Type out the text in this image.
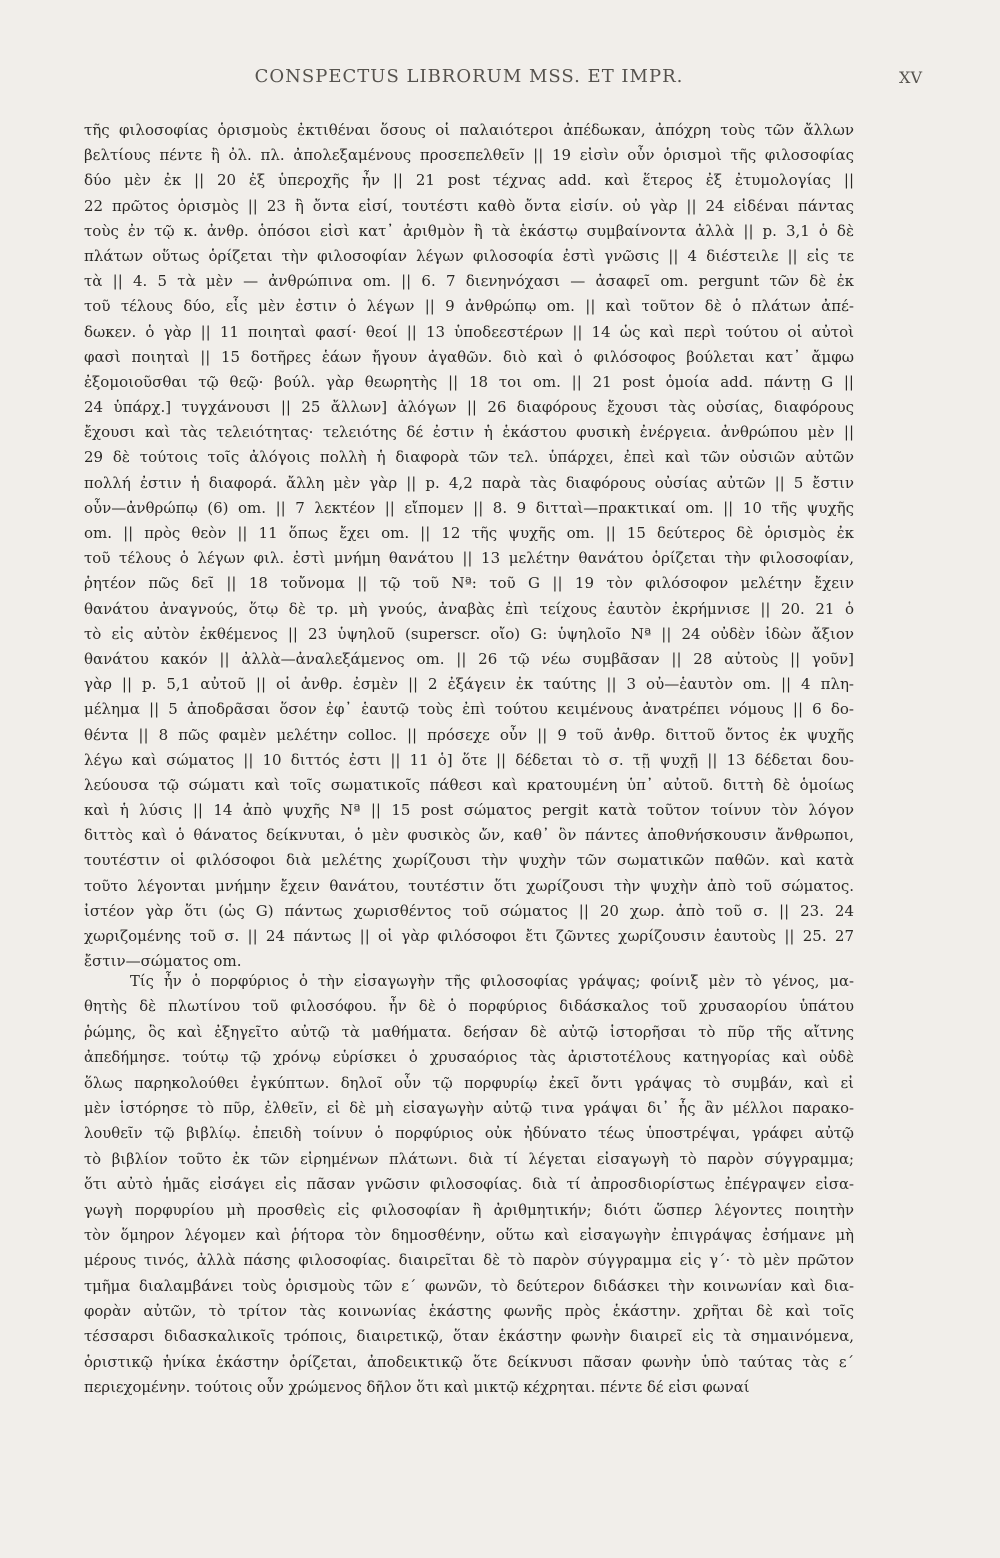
CONSPECTUS LIBRORUM MSS. ET IMPR.	XV
τῆς φιλοσοφίας ὁρισμοὺς ἐκτιθέναι ὅσους οἱ παλαιότεροι ἀπέδωκαν, ἀπόχρη τοὺς τῶν ἄλλων
βελτίους πέντε ἢ ὀλ. πλ. ἀπολεξαμένους προσεπελθεῖν || 19 εἰσὶν οὖν ὁρισμοὶ τῆς φιλοσοφίας
δύο μὲν ἐκ || 20 ἐξ ὑπεροχῆς ἦν || 21 post τέχνας add. καὶ ἕτερος ἐξ ἐτυμολογίας ||
22 πρῶτος ὁρισμὸς || 23 ἢ ὄντα εἰσί, τουτέστι καθὸ ὄντα εἰσίν. οὐ γὰρ || 24 εἰδέναι πάντας
τοὺς ἐν τῷ κ. ἀνθρ. ὁπόσοι εἰσὶ κατ᾽ ἀριθμὸν ἢ τὰ ἑκάστῳ συμβαίνοντα ἀλλὰ || p. 3,1 ὁ δὲ
πλάτων οὕτως ὁρίζεται τὴν φιλοσοφίαν λέγων φιλοσοφία ἐστὶ γνῶσις || 4 διέστειλε || εἰς τε
τὰ || 4. 5 τὰ μὲν — ἀνθρώπινα om. || 6. 7 διενηνόχασι — ἀσαφεῖ om. pergunt τῶν δὲ ἐκ
τοῦ τέλους δύο, εἷς μὲν ἐστιν ὁ λέγων || 9 ἀνθρώπῳ om. || καὶ τοῦτον δὲ ὁ πλάτων ἀπέ-
δωκεν. ὁ γὰρ || 11 ποιηταὶ φασί· θεοί || 13 ὑποδεεστέρων || 14 ὡς καὶ περὶ τούτου οἱ αὐτοὶ
φασὶ ποιηταὶ || 15 δοτῆρες ἑάων ἤγουν ἀγαθῶν. διὸ καὶ ὁ φιλόσοφος βούλεται κατ᾽ ἄμφω
ἐξομοιοῦσθαι τῷ θεῷ· βούλ. γὰρ θεωρητὴς || 18 τοι om. || 21 post ὁμοία add. πάντῃ G ||
24 ὑπάρχ.] τυγχάνουσι || 25 ἄλλων] ἀλόγων || 26 διαφόρους ἔχουσι τὰς οὐσίας, διαφόρους
ἔχουσι καὶ τὰς τελειότητας· τελειότης δέ ἐστιν ἡ ἑκάστου φυσικὴ ἐνέργεια. ἀνθρώπου μὲν ||
29 δὲ τούτοις τοῖς ἀλόγοις πολλὴ ἡ διαφορὰ τῶν τελ. ὑπάρχει, ἐπεὶ καὶ τῶν οὐσιῶν αὐτῶν
πολλή ἐστιν ἡ διαφορά. ἄλλη μὲν γὰρ || p. 4,2 παρὰ τὰς διαφόρους οὐσίας αὐτῶν || 5 ἔστιν
οὖν—ἀνθρώπῳ (6) om. || 7 λεκτέον || εἴπομεν || 8. 9 διτταὶ—πρακτικαί om. || 10 τῆς ψυχῆς
om. || πρὸς θεὸν || 11 ὅπως ἔχει om. || 12 τῆς ψυχῆς om. || 15 δεύτερος δὲ ὁρισμὸς ἐκ
τοῦ τέλους ὁ λέγων φιλ. ἐστὶ μνήμη θανάτου || 13 μελέτην θανάτου ὁρίζεται τὴν φιλοσοφίαν,
ῥητέον πῶς δεῖ || 18 τοὔνομα || τῷ τοῦ Nª: τοῦ G || 19 τὸν φιλόσοφον μελέτην ἔχειν
θανάτου ἀναγνούς, ὅτῳ δὲ τρ. μὴ γνούς, ἀναβὰς ἐπὶ τείχους ἑαυτὸν ἐκρήμνισε || 20. 21 ὁ
τὸ εἰς αὐτὸν ἐκθέμενος || 23 ὑψηλοῦ (superscr. οἴο) G: ὑψηλοῖο Nª || 24 οὐδὲν ἰδὼν ἄξιον
θανάτου κακόν || ἀλλὰ—ἀναλεξάμενος om. || 26 τῷ νέω συμβᾶσαν || 28 αὐτοὺς || γοῦν]
γὰρ || p. 5,1 αὐτοῦ || οἱ ἀνθρ. ἐσμὲν || 2 ἐξάγειν ἐκ ταύτης || 3 οὐ—ἑαυτὸν om. || 4 πλη-
μέλημα || 5 ἀποδρᾶσαι ὅσον ἐφ᾽ ἑαυτῷ τοὺς ἐπὶ τούτου κειμένους ἀνατρέπει νόμους || 6 δο-
θέντα || 8 πῶς φαμὲν μελέτην colloc. || πρόσεχε οὖν || 9 τοῦ ἀνθρ. διττοῦ ὄντος ἐκ ψυχῆς
λέγω καὶ σώματος || 10 διττός ἐστι || 11 ὁ] ὅτε || δέδεται τὸ σ. τῇ ψυχῇ || 13 δέδεται δου-
λεύουσα τῷ σώματι καὶ τοῖς σωματικοῖς πάθεσι καὶ κρατουμένη ὑπ᾽ αὐτοῦ. διττὴ δὲ ὁμοίως
καὶ ἡ λύσις || 14 ἀπὸ ψυχῆς Nª || 15 post σώματος pergit κατὰ τοῦτον τοίνυν τὸν λόγον
διττὸς καὶ ὁ θάνατος δείκνυται, ὁ μὲν φυσικὸς ὤν, καθ᾽ ὃν πάντες ἀποθνήσκουσιν ἄνθρωποι,
τουτέστιν οἱ φιλόσοφοι διὰ μελέτης χωρίζουσι τὴν ψυχὴν τῶν σωματικῶν παθῶν. καὶ κατὰ
τοῦτο λέγονται μνήμην ἔχειν θανάτου, τουτέστιν ὅτι χωρίζουσι τὴν ψυχὴν ἀπὸ τοῦ σώματος.
ἰστέον γὰρ ὅτι (ὡς G) πάντως χωρισθέντος τοῦ σώματος || 20 χωρ. ἀπὸ τοῦ σ. || 23. 24
χωριζομένης τοῦ σ. || 24 πάντως || οἱ γὰρ φιλόσοφοι ἔτι ζῶντες χωρίζουσιν ἑαυτοὺς || 25. 27
ἔστιν—σώματος om.
Τίς ἦν ὁ πορφύριος ὁ τὴν εἰσαγωγὴν τῆς φιλοσοφίας γράψας; φοίνιξ μὲν τὸ γένος, μα-
θητὴς δὲ πλωτίνου τοῦ φιλοσόφου. ἦν δὲ ὁ πορφύριος διδάσκαλος τοῦ χρυσαορίου ὑπάτου
ῥώμης, ὃς καὶ ἐξηγεῖτο αὐτῷ τὰ μαθήματα. δεήσαν δὲ αὐτῷ ἱστορῆσαι τὸ πῦρ τῆς αἴτνης
ἀπεδήμησε. τούτῳ τῷ χρόνῳ εὑρίσκει ὁ χρυσαόριος τὰς ἀριστοτέλους κατηγορίας καὶ οὐδὲ
ὅλως παρηκολούθει ἐγκύπτων. δηλοῖ οὖν τῷ πορφυρίῳ ἐκεῖ ὄντι γράψας τὸ συμβάν, καὶ εἰ
μὲν ἱστόρησε τὸ πῦρ, ἐλθεῖν, εἰ δὲ μὴ εἰσαγωγὴν αὐτῷ τινα γράψαι δι᾽ ἧς ἂν μέλλοι παρακο-
λουθεῖν τῷ βιβλίῳ. ἐπειδὴ τοίνυν ὁ πορφύριος οὐκ ἠδύνατο τέως ὑποστρέψαι, γράφει αὐτῷ
τὸ βιβλίον τοῦτο ἐκ τῶν εἰρημένων πλάτωνι. διὰ τί λέγεται εἰσαγωγὴ τὸ παρὸν σύγγραμμα;
ὅτι αὐτὸ ἡμᾶς εἰσάγει εἰς πᾶσαν γνῶσιν φιλοσοφίας. διὰ τί ἀπροσδιορίστως ἐπέγραψεν εἰσα-
γωγὴ πορφυρίου μὴ προσθεὶς εἰς φιλοσοφίαν ἢ ἀριθμητικήν; διότι ὥσπερ λέγοντες ποιητὴν
τὸν ὅμηρον λέγομεν καὶ ῥήτορα τὸν δημοσθένην, οὕτω καὶ εἰσαγωγὴν ἐπιγράψας ἐσήμανε μὴ
μέρους τινός, ἀλλὰ πάσης φιλοσοφίας. διαιρεῖται δὲ τὸ παρὸν σύγγραμμα εἰς γ΄· τὸ μὲν πρῶτον
τμῆμα διαλαμβάνει τοὺς ὁρισμοὺς τῶν ε΄ φωνῶν, τὸ δεύτερον διδάσκει τὴν κοινωνίαν καὶ δια-
φορὰν αὐτῶν, τὸ τρίτον τὰς κοινωνίας ἑκάστης φωνῆς πρὸς ἑκάστην. χρῆται δὲ καὶ τοῖς
τέσσαρσι διδασκαλικοῖς τρόποις, διαιρετικῷ, ὅταν ἑκάστην φωνὴν διαιρεῖ εἰς τὰ σημαινόμενα,
ὁριστικῷ ἡνίκα ἑκάστην ὁρίζεται, ἀποδεικτικῷ ὅτε δείκνυσι πᾶσαν φωνὴν ὑπὸ ταύτας τὰς ε΄
περιεχομένην. τούτοις οὖν χρώμενος δῆλον ὅτι καὶ μικτῷ κέχρηται. πέντε δέ εἰσι φωναί
